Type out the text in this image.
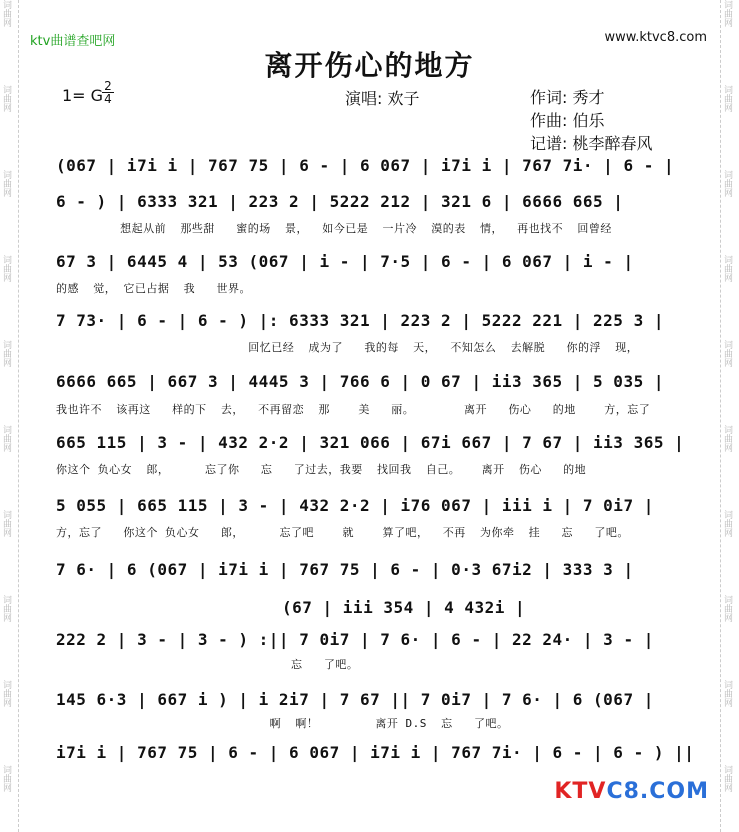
词曲网
词曲网
词曲网
词曲网
词曲网
词曲网
词曲网
词曲网
词曲网
词曲网
词曲网
词曲网
词曲网
词曲网
词曲网
词曲网
词曲网
词曲网
词曲网
词曲网
ktv曲谱查吧网	www.ktvc8.com
离开伤心的地方
1= G 2
4	演唱: 欢子	作词: 秀才
作曲: 伯乐
记谱: 桃李醉春风
(067 | i7i i | 767 75 | 6 - | 6 067 | i7i i | 767 7i· | 6 - |
6 - ) | 6333 321 | 223 2 | 5222 212 | 321 6 | 6666 665 |
想起从前  那些甜   蜜的场  景，  如今已是  一片冷  漠的表  情，  再也找不  回曾经
67 3 | 6445 4 | 53 (067 | i - | 7·5 | 6 - | 6 067 | i - |
的感  觉， 它已占据  我   世界。
7 73· | 6 - | 6 - ) |: 6333 321 | 223 2 | 5222 221 | 225 3 |
回忆已经  成为了   我的每  天，  不知怎么  去解脱   你的浮  现，
6666 665 | 667 3 | 4445 3 | 766 6 | 0 67 | ii3 365 | 5 035 |
我也许不  该再这   样的下  去，  不再留恋  那    美   丽。       离开   伤心   的地    方，忘了
665 115 | 3 - | 432 2·2 | 321 066 | 67i 667 | 7 67 | ii3 365 |
你这个 负心女  郎，     忘了你   忘   了过去，我要  找回我  自己。   离开  伤心   的地
5 055 | 665 115 | 3 - | 432 2·2 | i76 067 | iii i | 7 0i7 |
方，忘了   你这个 负心女   郎，     忘了吧    就    算了吧，  不再  为你牵  挂   忘   了吧。
7 6· | 6 (067 | i7i i | 767 75 | 6 - | 0·3 67i2 | 333 3 |
(67 | iii 354 | 4 432i |
222 2 | 3 - | 3 - ) :|| 7 0i7 | 7 6· | 6 - | 22 24· | 3 - |
忘   了吧。
145 6·3 | 667 i ) | i 2i7 | 7 67 || 7 0i7 | 7 6· | 6 (067 |
啊  啊！        离开 D.S  忘   了吧。
i7i i | 767 75 | 6 - | 6 067 | i7i i | 767 7i· | 6 - | 6 - ) ||
KTVC8.COM
